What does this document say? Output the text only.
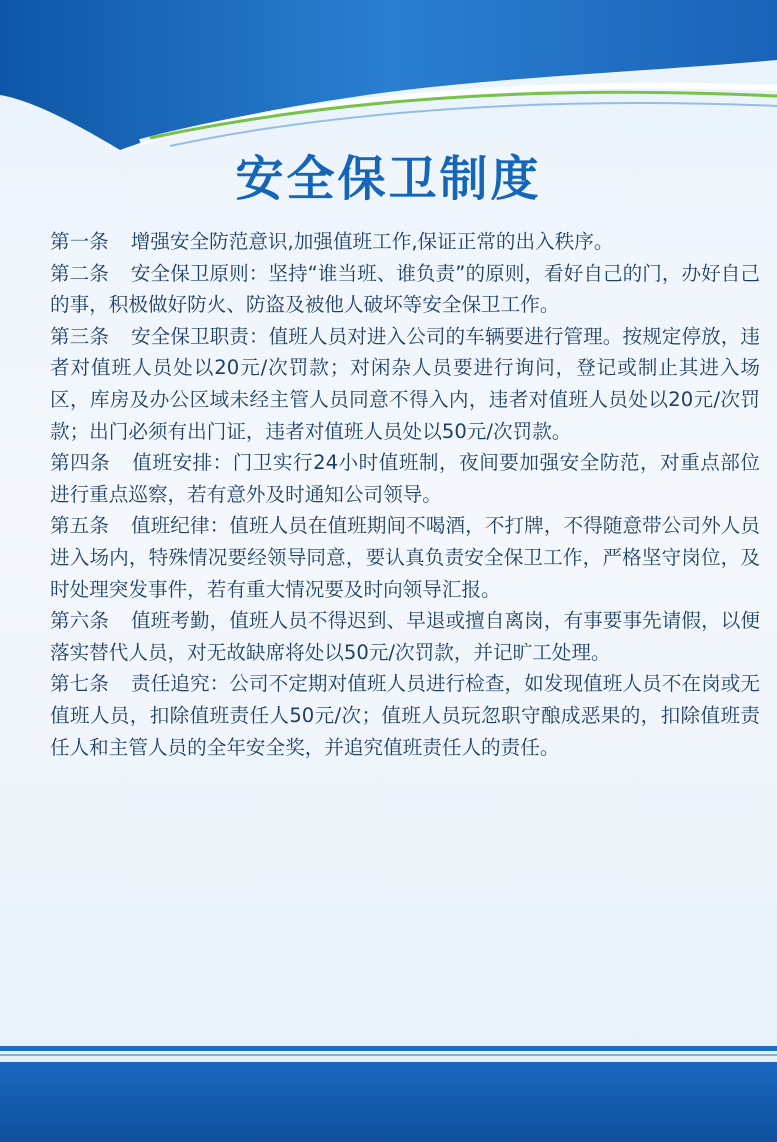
安全保卫制度

第一条 增强安全防范意识,加强值班工作,保证正常的出入秩序。

第二条 安全保卫原则：坚持“谁当班、谁负责”的原则，看好自己的门，办好自己的事，积极做好防火、防盗及被他人破坏等安全保卫工作。

第三条 安全保卫职责：值班人员对进入公司的车辆要进行管理。按规定停放，违者对值班人员处以20元/次罚款；对闲杂人员要进行询问，登记或制止其进入场区，库房及办公区域未经主管人员同意不得入内，违者对值班人员处以20元/次罚款；出门必须有出门证，违者对值班人员处以50元/次罚款。

第四条 值班安排：门卫实行24小时值班制，夜间要加强安全防范，对重点部位进行重点巡察，若有意外及时通知公司领导。

第五条 值班纪律：值班人员在值班期间不喝酒，不打牌，不得随意带公司外人员进入场内，特殊情况要经领导同意，要认真负责安全保卫工作，严格坚守岗位，及时处理突发事件，若有重大情况要及时向领导汇报。

第六条 值班考勤，值班人员不得迟到、早退或擅自离岗，有事要事先请假，以便落实替代人员，对无故缺席将处以50元/次罚款，并记旷工处理。

第七条 责任追究：公司不定期对值班人员进行检查，如发现值班人员不在岗或无值班人员，扣除值班责任人50元/次；值班人员玩忽职守酿成恶果的，扣除值班责任人和主管人员的全年安全奖，并追究值班责任人的责任。
